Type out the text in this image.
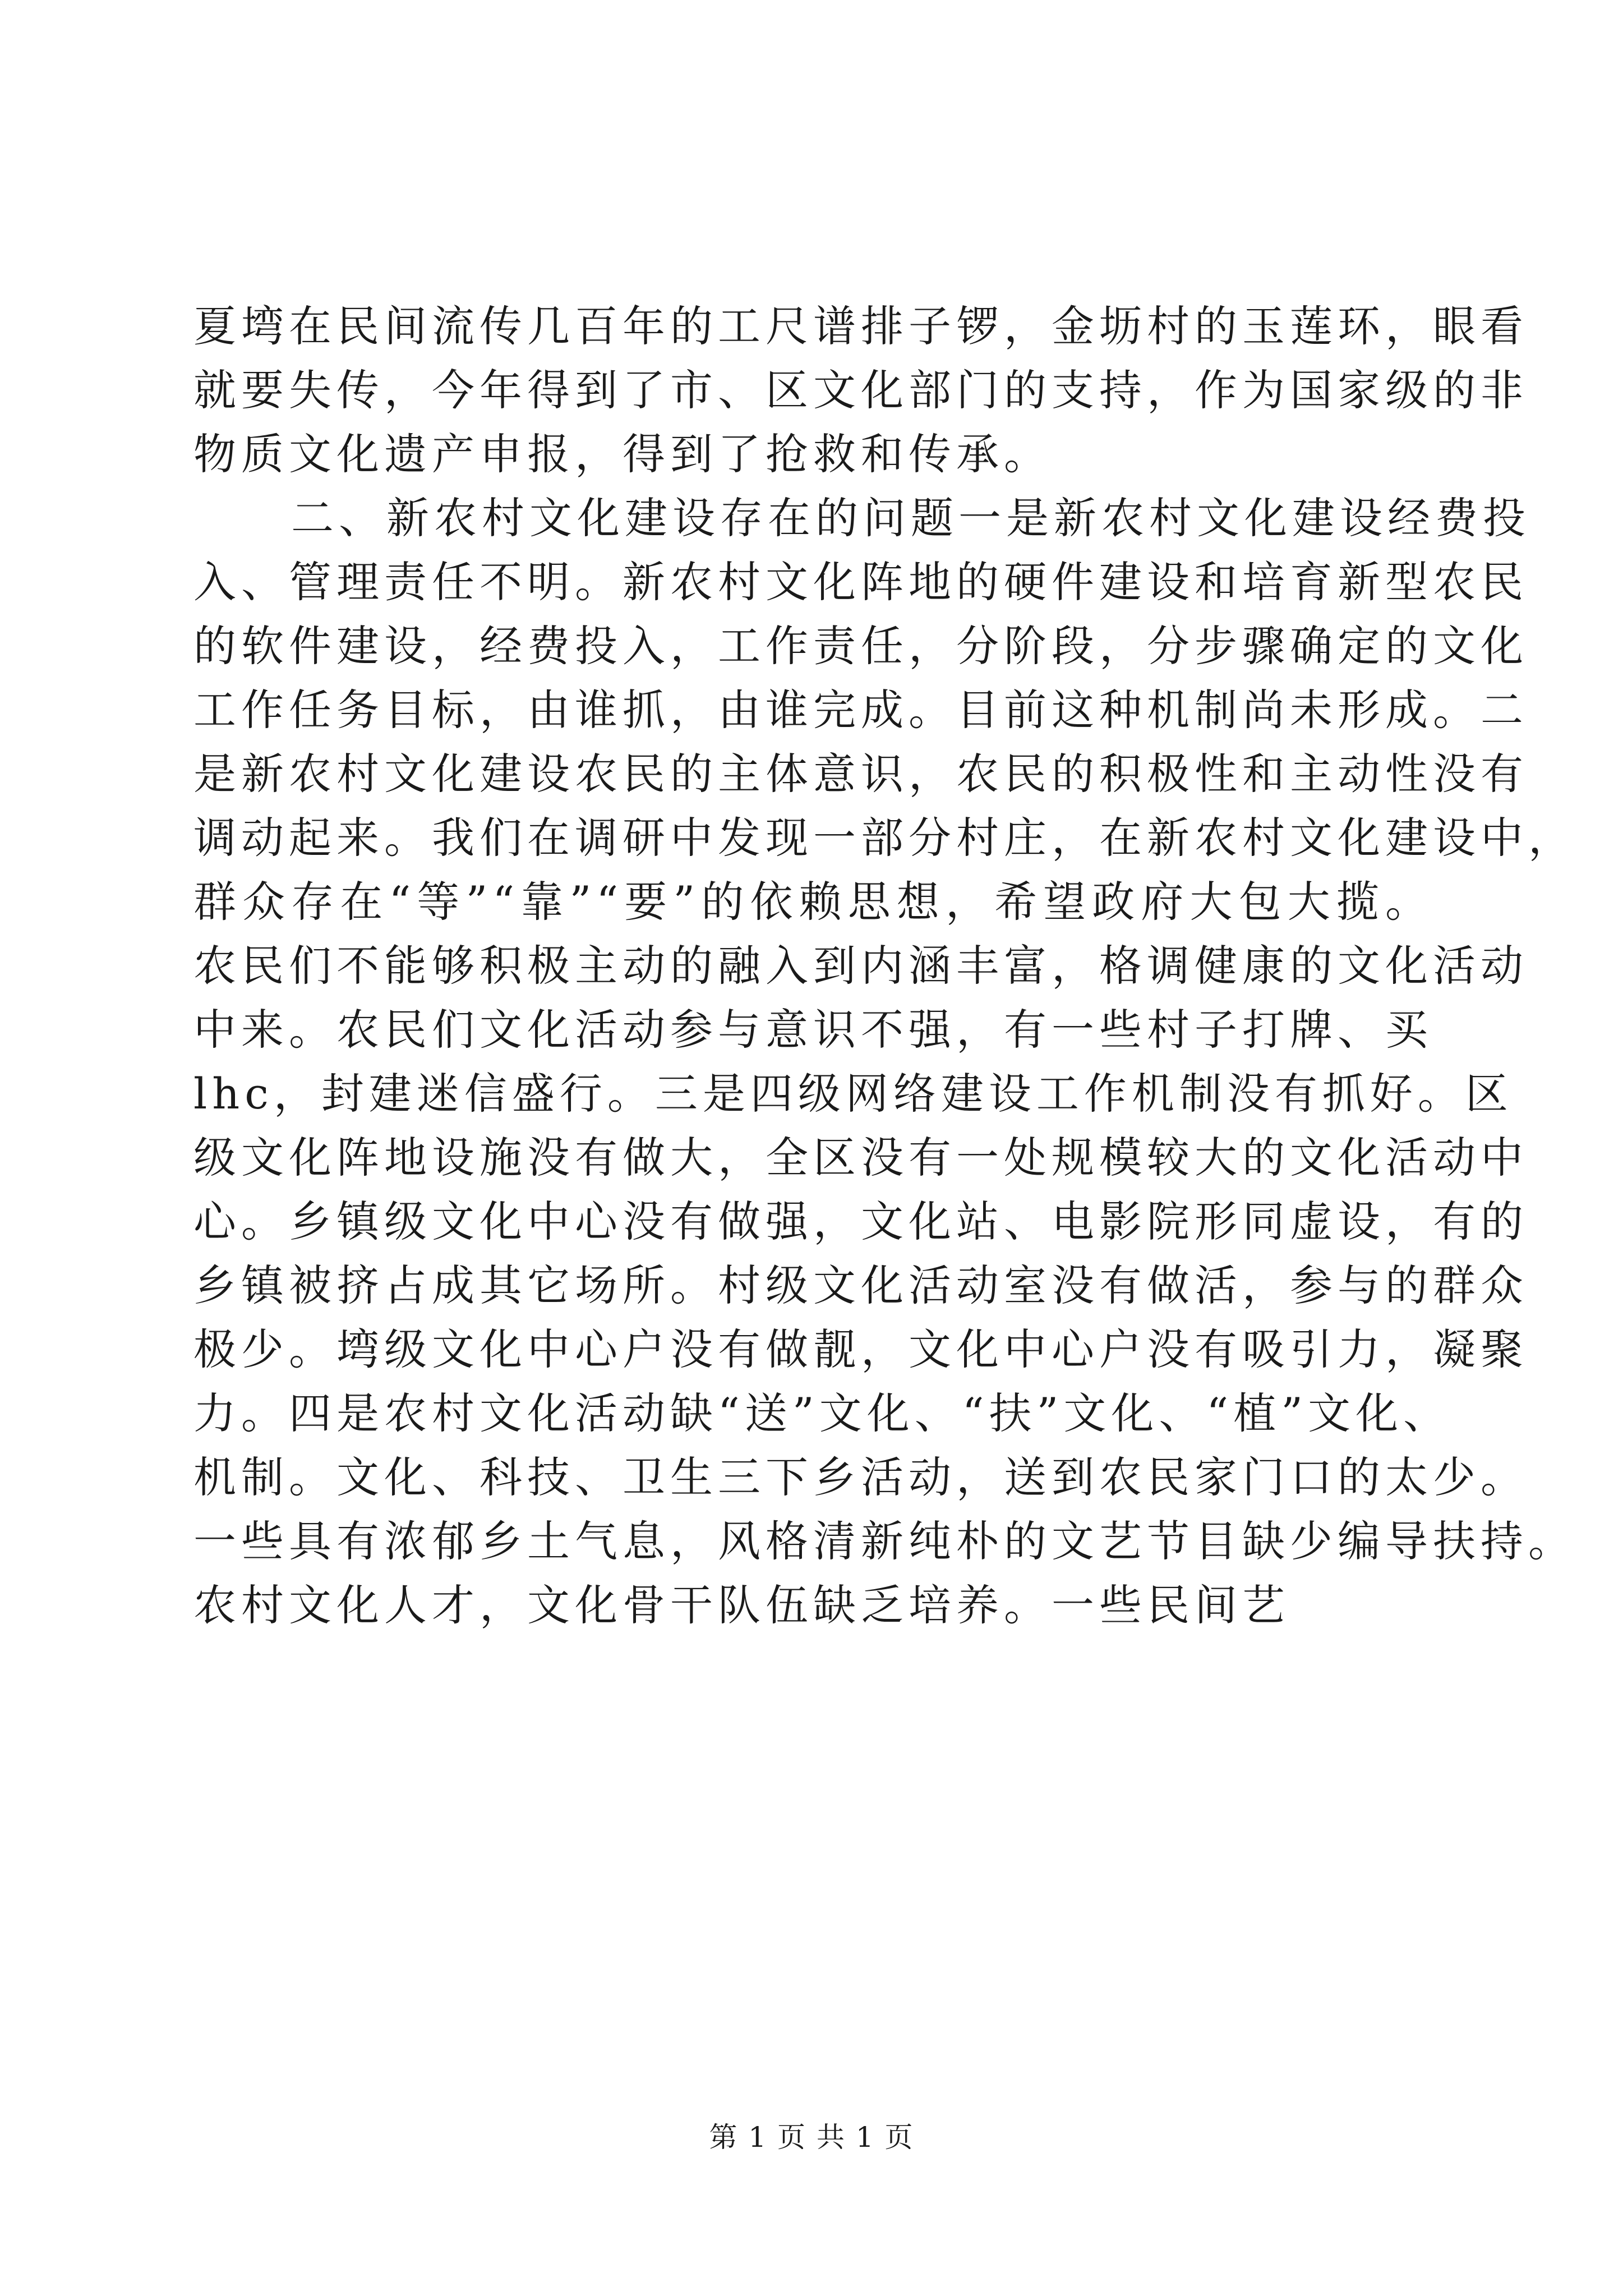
夏塆在民间流传几百年的工尺谱排子锣，金坜村的玉莲环，眼看
就要失传，今年得到了市、区文化部门的支持，作为国家级的非
物质文化遗产申报，得到了抢救和传承。
二、新农村文化建设存在的问题一是新农村文化建设经费投
入、管理责任不明。新农村文化阵地的硬件建设和培育新型农民
的软件建设，经费投入，工作责任，分阶段，分步骤确定的文化
工作任务目标，由谁抓，由谁完成。目前这种机制尚未形成。二
是新农村文化建设农民的主体意识，农民的积极性和主动性没有
调动起来。我们在调研中发现一部分村庄，在新农村文化建设中，
群众存在“等”“靠”“要”的依赖思想，希望政府大包大揽。
农民们不能够积极主动的融入到内涵丰富，格调健康的文化活动
中来。农民们文化活动参与意识不强，有一些村子打牌、买
lhc，封建迷信盛行。三是四级网络建设工作机制没有抓好。区
级文化阵地设施没有做大，全区没有一处规模较大的文化活动中
心。乡镇级文化中心没有做强，文化站、电影院形同虚设，有的
乡镇被挤占成其它场所。村级文化活动室没有做活，参与的群众
极少。塆级文化中心户没有做靓，文化中心户没有吸引力，凝聚
力。四是农村文化活动缺“送”文化、“扶”文化、“植”文化、
机制。文化、科技、卫生三下乡活动，送到农民家门口的太少。
一些具有浓郁乡土气息，风格清新纯朴的文艺节目缺少编导扶持。
农村文化人才，文化骨干队伍缺乏培养。一些民间艺
第 1 页 共 1 页
